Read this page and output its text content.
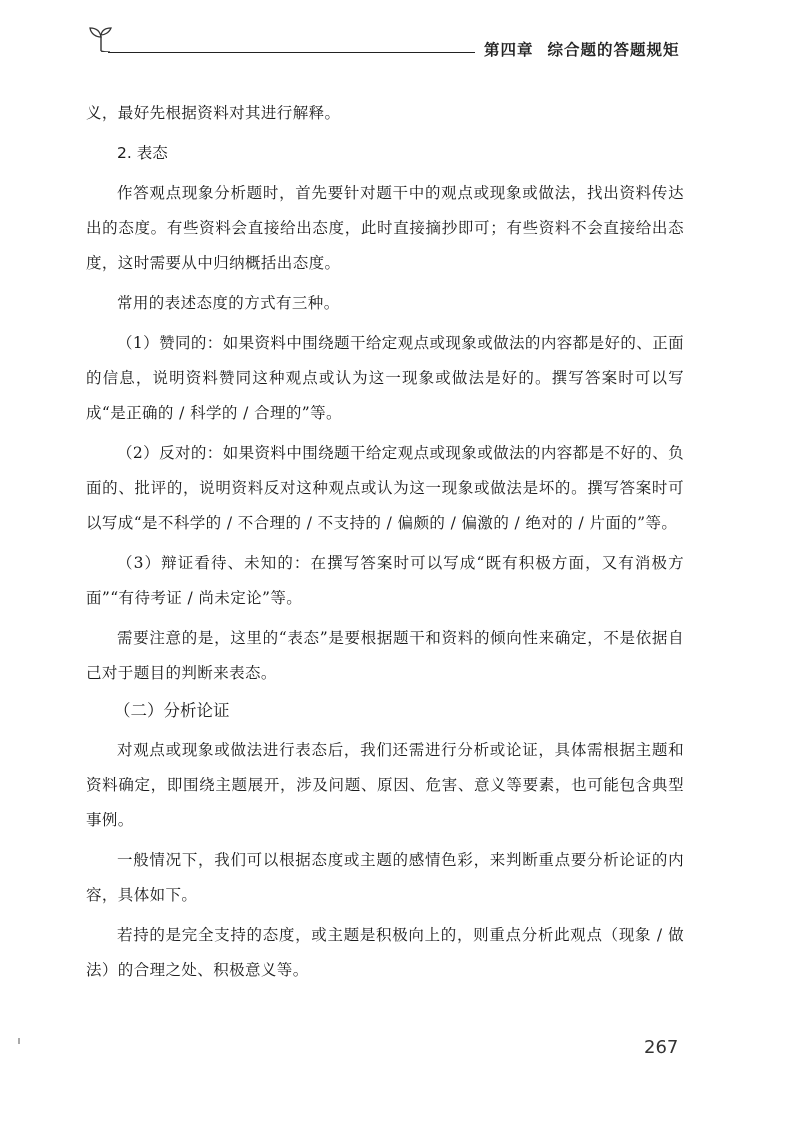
第四章 综合题的答题规矩

义，最好先根据资料对其进行解释。

2. 表态

作答观点现象分析题时，首先要针对题干中的观点或现象或做法，找出资料传达出的态度。有些资料会直接给出态度，此时直接摘抄即可；有些资料不会直接给出态度，这时需要从中归纳概括出态度。

常用的表述态度的方式有三种。

（1）赞同的：如果资料中围绕题干给定观点或现象或做法的内容都是好的、正面的信息，说明资料赞同这种观点或认为这一现象或做法是好的。撰写答案时可以写成“是正确的 / 科学的 / 合理的”等。

（2）反对的：如果资料中围绕题干给定观点或现象或做法的内容都是不好的、负面的、批评的，说明资料反对这种观点或认为这一现象或做法是坏的。撰写答案时可以写成“是不科学的 / 不合理的 / 不支持的 / 偏颇的 / 偏激的 / 绝对的 / 片面的”等。

（3）辩证看待、未知的：在撰写答案时可以写成“既有积极方面，又有消极方面”“有待考证 / 尚未定论”等。

需要注意的是，这里的“表态”是要根据题干和资料的倾向性来确定，不是依据自己对于题目的判断来表态。

（二）分析论证

对观点或现象或做法进行表态后，我们还需进行分析或论证，具体需根据主题和资料确定，即围绕主题展开，涉及问题、原因、危害、意义等要素，也可能包含典型事例。

一般情况下，我们可以根据态度或主题的感情色彩，来判断重点要分析论证的内容，具体如下。

若持的是完全支持的态度，或主题是积极向上的，则重点分析此观点（现象 / 做法）的合理之处、积极意义等。

267
